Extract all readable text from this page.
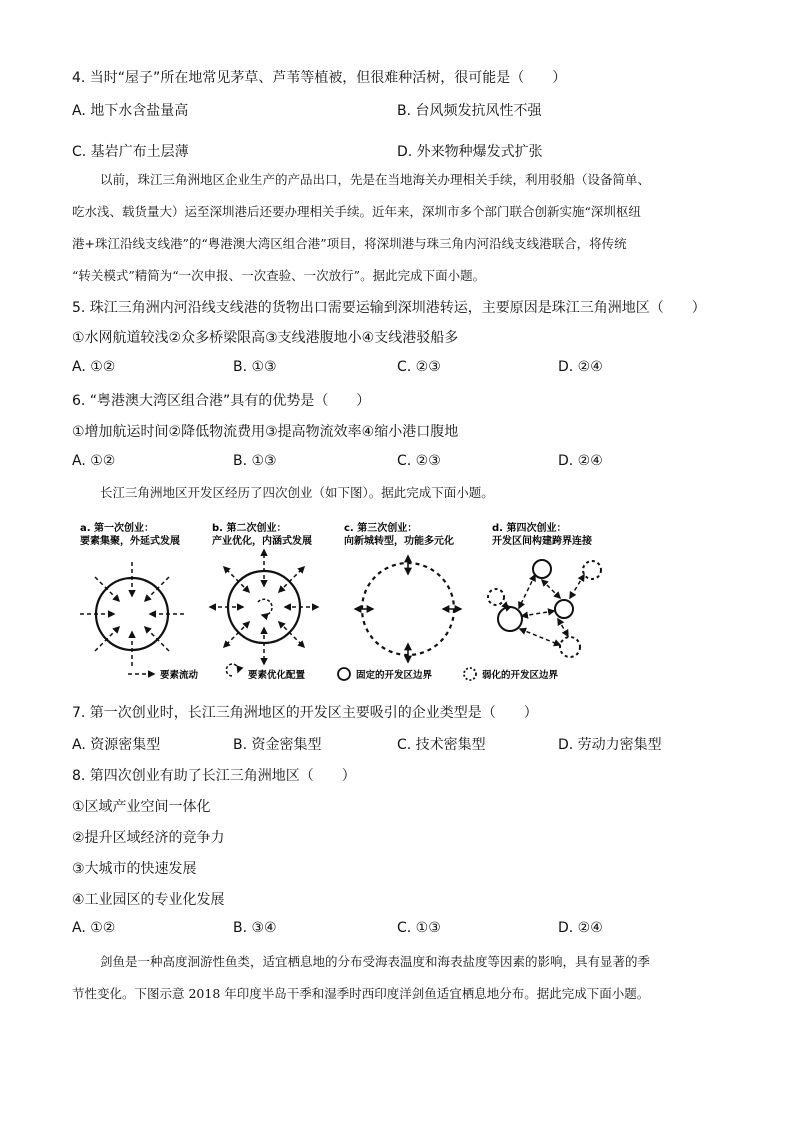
4. 当时“屋子”所在地常见茅草、芦苇等植被，但很难种活树，很可能是（　　）
A. 地下水含盐量高	B. 台风频发抗风性不强
C. 基岩广布土层薄	D. 外来物种爆发式扩张

以前，珠江三角洲地区企业生产的产品出口，先是在当地海关办理相关手续，利用驳船（设备简单、

吃水浅、载货量大）运至深圳港后还要办理相关手续。近年来，深圳市多个部门联合创新实施“深圳枢纽

港+珠江沿线支线港”的“粤港澳大湾区组合港”项目，将深圳港与珠三角内河沿线支线港联合，将传统

“转关模式”精简为“一次申报、一次查验、一次放行”。据此完成下面小题。

5. 珠江三角洲内河沿线支线港的货物出口需要运输到深圳港转运，主要原因是珠江三角洲地区（　　）
①水网航道较浅②众多桥梁限高③支线港腹地小④支线港驳船多
A. ①②	B. ①③	C. ②③	D. ②④
6. “粤港澳大湾区组合港”具有的优势是（　　）
①增加航运时间②降低物流费用③提高物流效率④缩小港口腹地
A. ①②	B. ①③	C. ②③	D. ②④

长江三角洲地区开发区经历了四次创业（如下图）。据此完成下面小题。

a. 第一次创业：
要素集聚，外延式发展
b. 第二次创业：
产业优化，内涵式发展
c. 第三次创业：
向新城转型，功能多元化
d. 第四次创业：
开发区间构建跨界连接
要素流动	要素优化配置	固定的开发区边界	弱化的开发区边界
7. 第一次创业时，长江三角洲地区的开发区主要吸引的企业类型是（　　）
A. 资源密集型	B. 资金密集型	C. 技术密集型	D. 劳动力密集型
8. 第四次创业有助了长江三角洲地区（　　）
①区域产业空间一体化
②提升区域经济的竞争力
③大城市的快速发展
④工业园区的专业化发展
A. ①②	B. ③④	C. ①③	D. ②④

剑鱼是一种高度洄游性鱼类，适宜栖息地的分布受海表温度和海表盐度等因素的影响，具有显著的季

节性变化。下图示意 2018 年印度半岛干季和湿季时西印度洋剑鱼适宜栖息地分布。据此完成下面小题。
